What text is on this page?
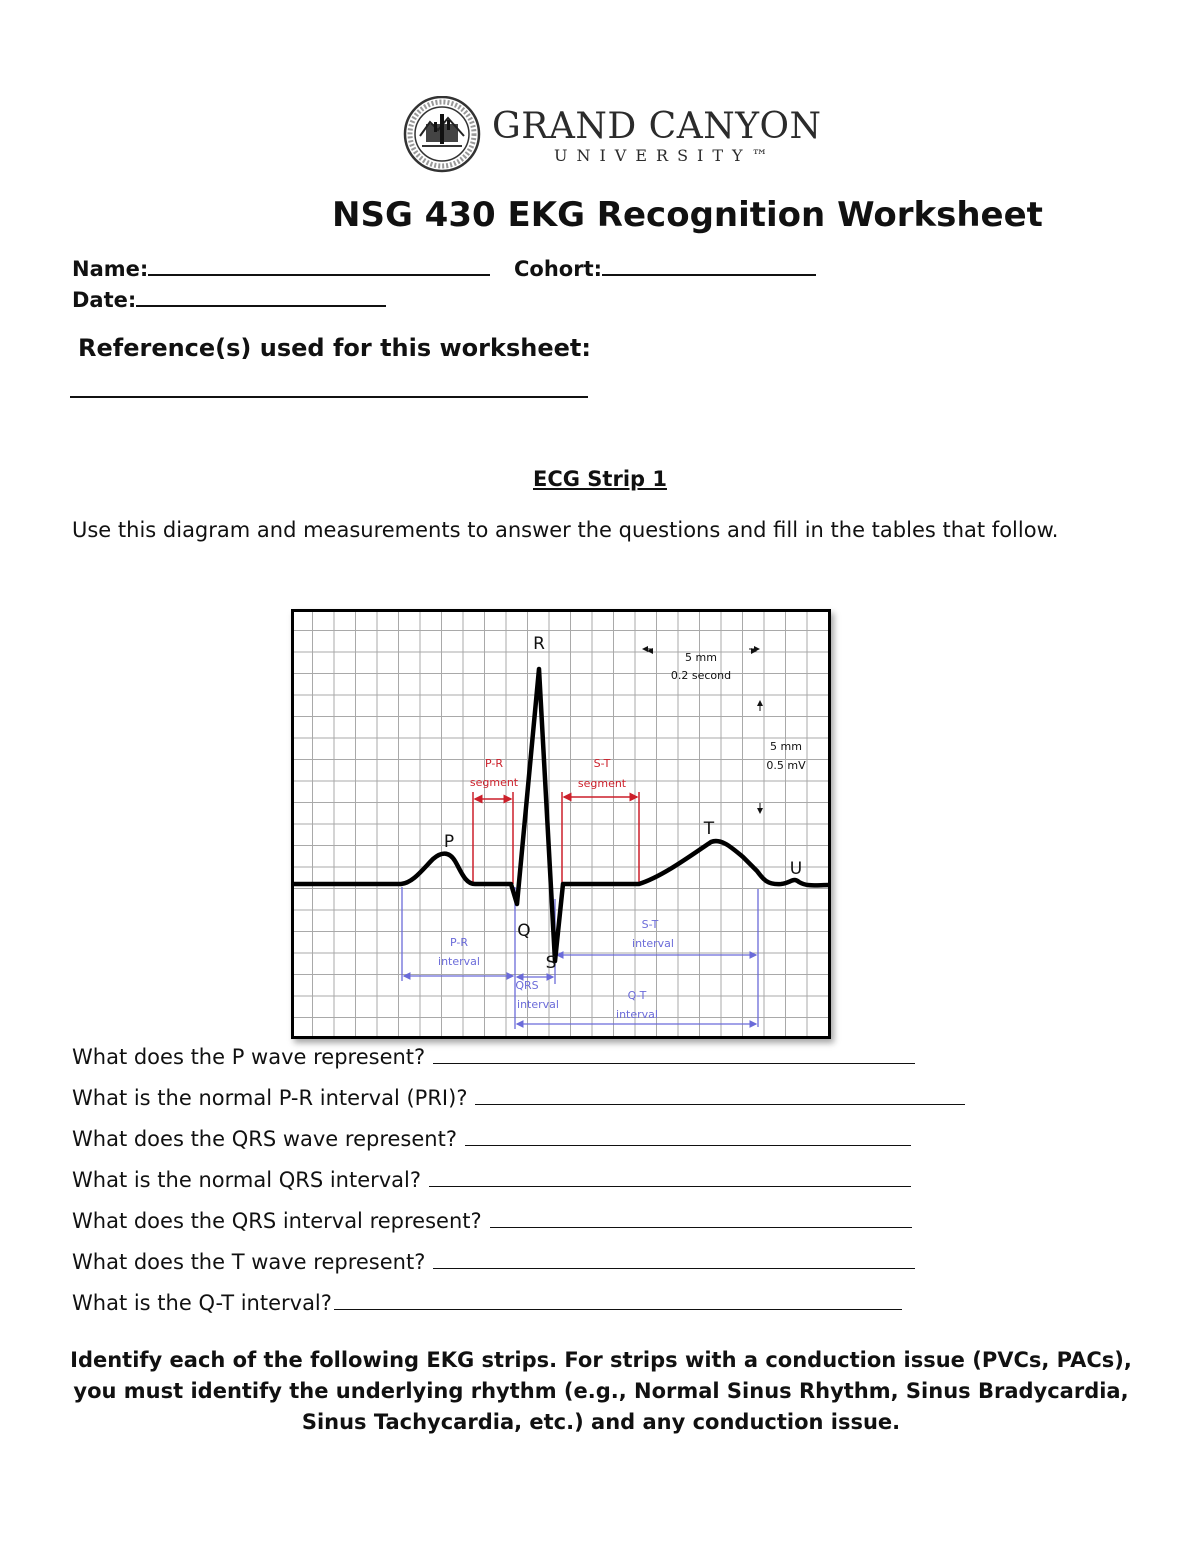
GRAND CANYON
UNIVERSITY™
NSG 430 EKG Recognition Worksheet
Name:	Cohort:
Date:
Reference(s) used for this worksheet:
ECG Strip 1
Use this diagram and measurements to answer the questions and fill in the tables that follow.
P-R
segment
S-T
segment
P-R
interval
QRS
interval
S-T
interval
Q-T
interval
5 mm
0.2 second
5 mm
0.5 mV
R
P
Q
S
T
U
What does the P wave represent?
What is the normal P-R interval (PRI)?
What does the QRS wave represent?
What is the normal QRS interval?
What does the QRS interval represent?
What does the T wave represent?
What is the Q-T interval?
Identify each of the following EKG strips. For strips with a conduction issue (PVCs, PACs), you must identify the underlying rhythm (e.g., Normal Sinus Rhythm, Sinus Bradycardia, Sinus Tachycardia, etc.) and any conduction issue.
